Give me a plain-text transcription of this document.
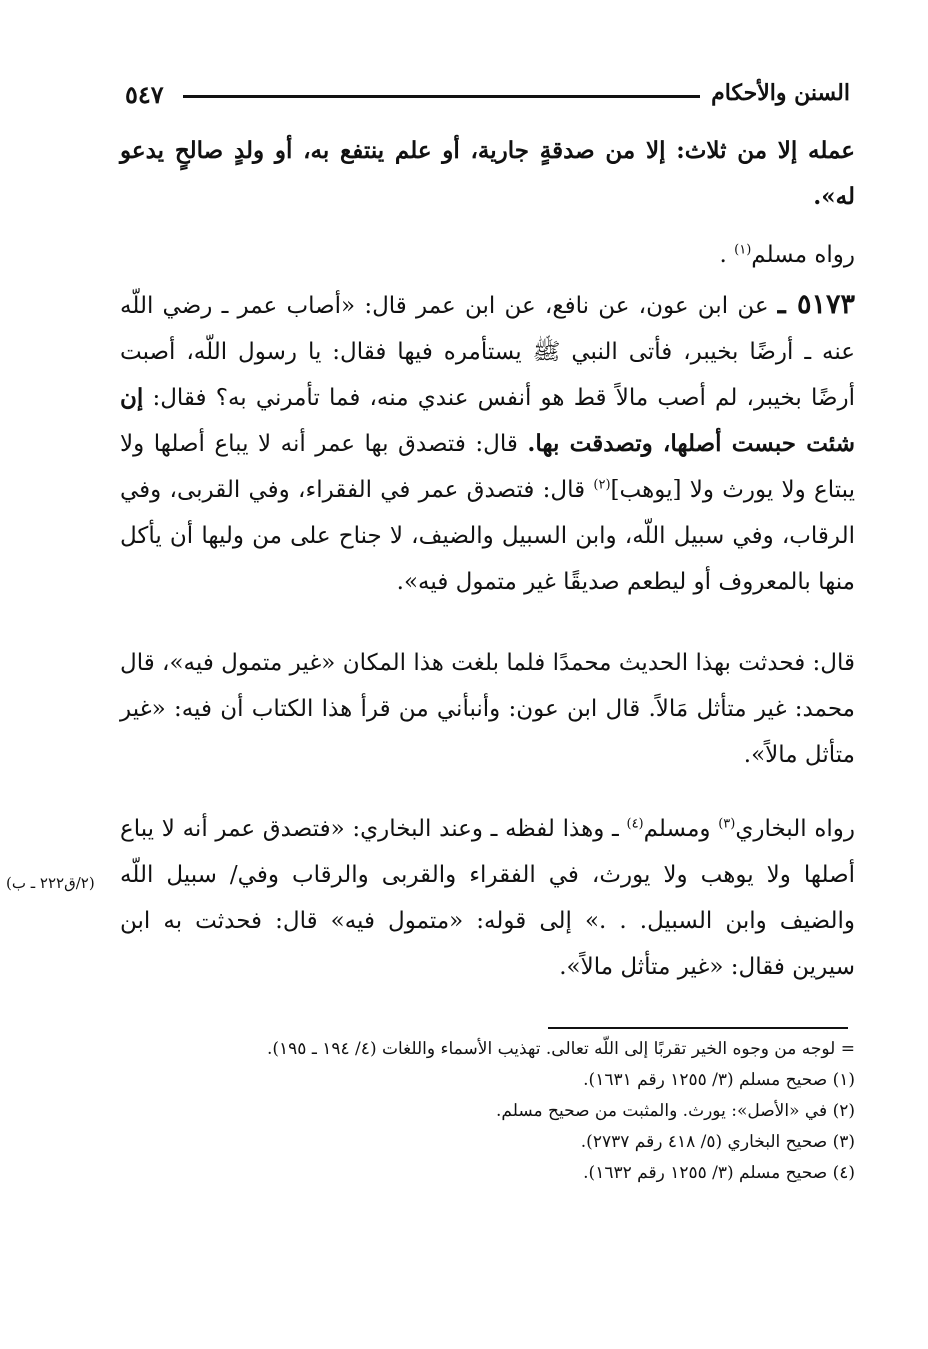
٥٤٧	السنن والأحكام

عمله إلا من ثلاث: إلا من صدقةٍ جارية، أو علم ينتفع به، أو ولدٍ صالحٍ يدعو له».

رواه مسلم$^{(١)}$ .

٥١٧٣ ـ عن ابن عون، عن نافع، عن ابن عمر قال: «أصاب عمر ـ رضي اللّه عنه ـ أرضًا بخيبر، فأتى النبي ﷺ يستأمره فيها فقال: يا رسول اللّه، أصبت أرضًا بخيبر، لم أصب مالاً قط هو أنفس عندي منه، فما تأمرني به؟ فقال: إن شئت حبست أصلها، وتصدقت بها. قال: فتصدق بها عمر أنه لا يباع أصلها ولا يبتاع ولا يورث ولا [يوهب]$^{(٢)}$ قال: فتصدق عمر في الفقراء، وفي القربى، وفي الرقاب، وفي سبيل اللّه، وابن السبيل والضيف، لا جناح على من وليها أن يأكل منها بالمعروف أو ليطعم صديقًا غير متمول فيه».

قال: فحدثت بهذا الحديث محمدًا فلما بلغت هذا المكان «غير متمول فيه»، قال محمد: غير متأثل مَالاً. قال ابن عون: وأنبأني من قرأ هذا الكتاب أن فيه: «غير متأثل مالاً».

رواه البخاري$^{(٣)}$ ومسلم$^{(٤)}$ ـ وهذا لفظه ـ وعند البخاري: «فتصدق عمر أنه لا يباع أصلها ولا يوهب ولا يورث، في الفقراء والقربى والرقاب وفي/ سبيل اللّه والضيف وابن السبيل. . .» إلى قوله: «متمول فيه» قال: فحدثت به ابن سيرين فقال: «غير متأثل مالاً».

(٢/ق٢٢٢ ـ ب)
= لوجه من وجوه الخير تقربًا إلى اللّه تعالى. تهذيب الأسماء واللغات (٤/ ١٩٤ ـ ١٩٥).
(١) صحيح مسلم (٣/ ١٢٥٥ رقم ١٦٣١).
(٢) في «الأصل»: يورث. والمثبت من صحيح مسلم.
(٣) صحيح البخاري (٥/ ٤١٨ رقم ٢٧٣٧).
(٤) صحيح مسلم (٣/ ١٢٥٥ رقم ١٦٣٢).
